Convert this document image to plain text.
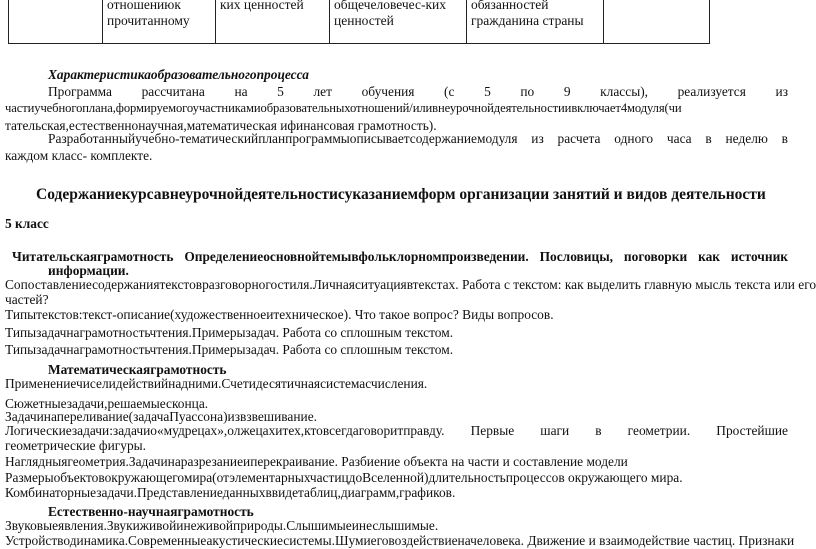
	отношениюк прочитанному	ких ценностей	общечеловечес-ких ценностей	обязанностей гражданина страны	
Характеристикаобразовательногопроцесса
Программа рассчитана на 5 лет обучения (с 5 по 9 классы), реализуется из
частиучебногоплана,формируемогоучастникамиобразовательныхотношений/иливнеурочнойдеятельностиивключает4модуля(чи
тательская,естественнонаучная,математическая ифинансовая грамотность).
Разработанныйучебно-тематическийпланпрограммыописываетсодержаниемодуля из расчета одного часа в неделю в
каждом класс- комплекте.
Содержаниекурсавнеурочнойдеятельностисуказаниемформ организации занятий и видов деятельности
5 класс
Читательскаяграмотность Определениеосновнойтемывфольклорномпроизведении. Пословицы, поговорки как источник
информации.
Сопоставлениесодержаниятекстовразговорногостиля.Личнаяситуациявтекстах. Работа с текстом: как выделить главную мысль текста или его
частей?
Типытекстов:текст-описание(художественноеитехническое). Что такое вопрос? Виды вопросов.
Типызадачнаграмотностьчтения.Примерызадач. Работа со сплошным текстом.
Типызадачнаграмотностьчтения.Примерызадач. Работа со сплошным текстом.
Математическаяграмотность
Применениечиселидействийнадними.Счетидесятичнаясистемасчисления.
Сюжетныезадачи,решаемыесконца.
Задачинапереливание(задачаПуассона)извзвешивание.
Логическиезадачи:задачио«мудрецах»,олжецахитех,ктовсегдаговоритправду. Первые шаги в геометрии. Простейшие
геометрические фигуры.
Наглядныягеометрия.Задачинаразрезаниеиперекраивание. Разбиение объекта на части и составление модели
Размерыобъектовокружающегомира(отэлементарныхчастицдоВселенной)длительностьпроцессов окружающего мира.
Комбинаторныезадачи.Представлениеданныхввидетаблиц,диаграмм,графиков.
Естественно-научнаяграмотность
Звуковыеявления.Звукиживойинеживойприроды.Слышимыеинеслышимые.
Устройстводинамика.Современныеакустическиесистемы.Шумиеговоздействиеначеловека. Движение и взаимодействие частиц. Признаки
